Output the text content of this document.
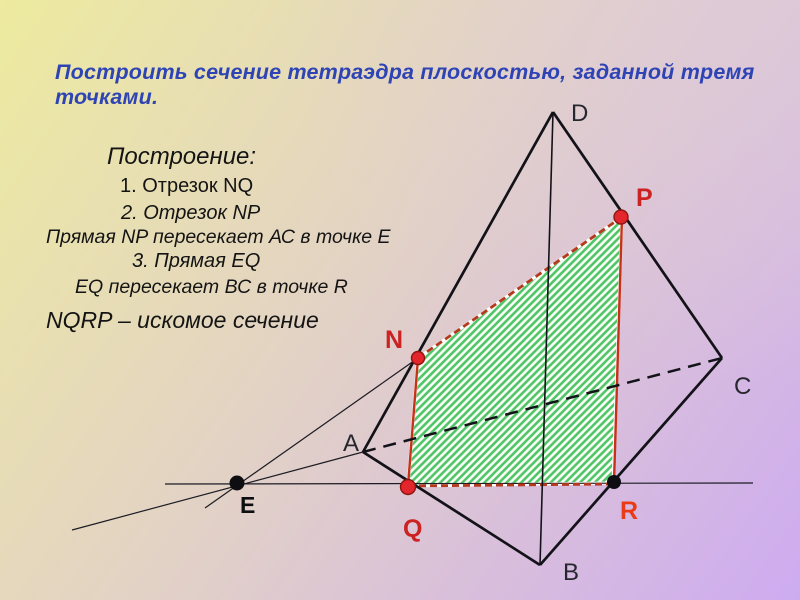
Построить сечение тетраэдра плоскостью, заданной тремя точками.
Построение:
1. Отрезок NQ
2. Отрезок NP
Прямая NP пересекает АС в точке Е
3. Прямая EQ
EQ пересекает ВС в точке R
NQRP – искомое сечение
D
A
B
C
E
N
P
Q
R
